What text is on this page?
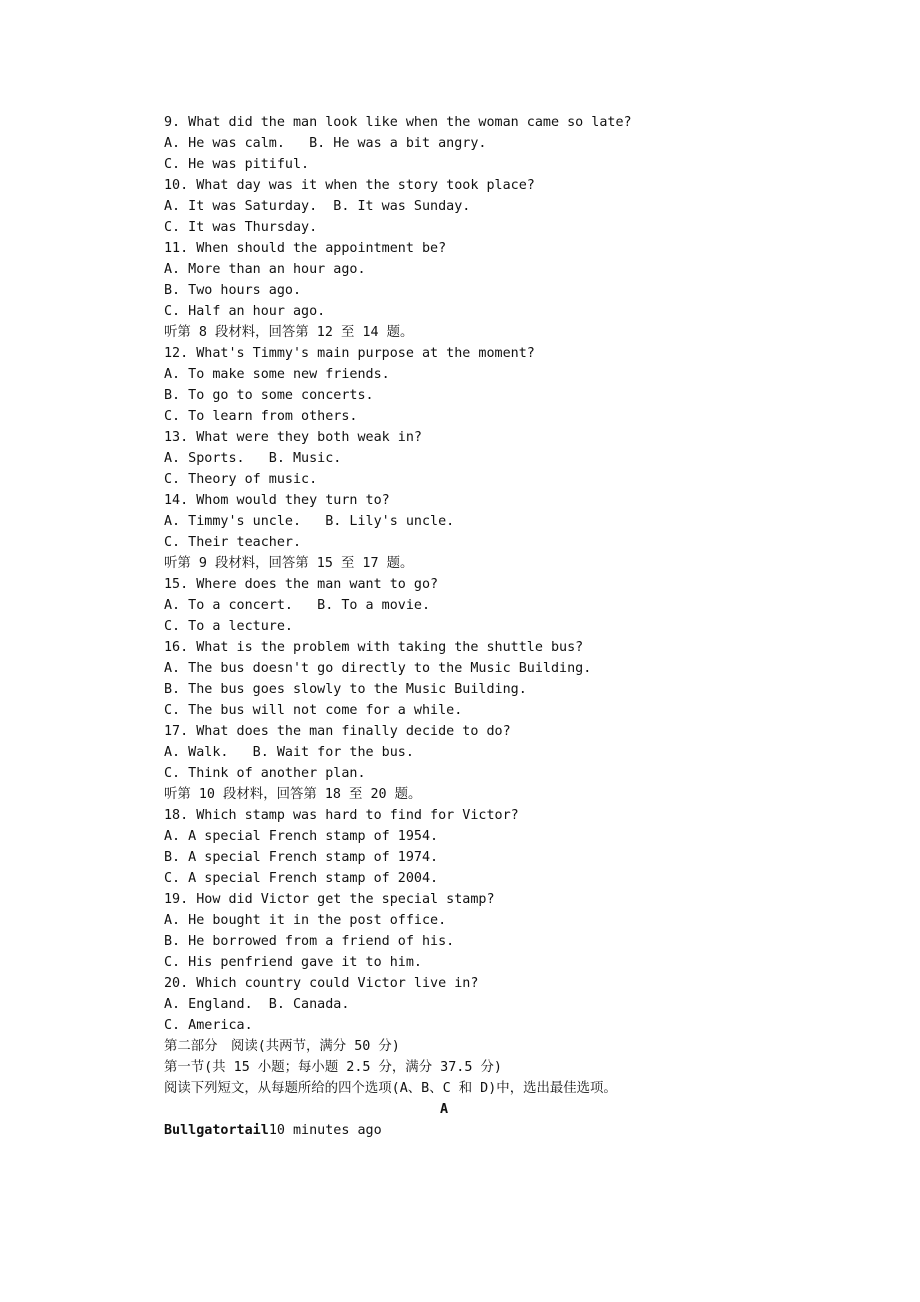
9. What did the man look like when the woman came so late?
A. He was calm.   B. He was a bit angry.
C. He was pitiful.
10. What day was it when the story took place?
A. It was Saturday.  B. It was Sunday.
C. It was Thursday.
11. When should the appointment be?
A. More than an hour ago.
B. Two hours ago.
C. Half an hour ago.
听第 8 段材料，回答第 12 至 14 题。
12. What's Timmy's main purpose at the moment?
A. To make some new friends.
B. To go to some concerts.
C. To learn from others.
13. What were they both weak in?
A. Sports.   B. Music.
C. Theory of music.
14. Whom would they turn to?
A. Timmy's uncle.   B. Lily's uncle.
C. Their teacher.
听第 9 段材料，回答第 15 至 17 题。
15. Where does the man want to go?
A. To a concert.   B. To a movie.
C. To a lecture.
16. What is the problem with taking the shuttle bus?
A. The bus doesn't go directly to the Music Building.
B. The bus goes slowly to the Music Building.
C. The bus will not come for a while.
17. What does the man finally decide to do?
A. Walk.   B. Wait for the bus.
C. Think of another plan.
听第 10 段材料，回答第 18 至 20 题。
18. Which stamp was hard to find for Victor?
A. A special French stamp of 1954.
B. A special French stamp of 1974.
C. A special French stamp of 2004.
19. How did Victor get the special stamp?
A. He bought it in the post office.
B. He borrowed from a friend of his.
C. His penfriend gave it to him.
20. Which country could Victor live in?
A. England.  B. Canada.
C. America.
第二部分　阅读(共两节，满分 50 分)
第一节(共 15 小题；每小题 2.5 分，满分 37.5 分)
阅读下列短文，从每题所给的四个选项(A、B、C 和 D)中，选出最佳选项。
A
Bullgatortail10 minutes ago
